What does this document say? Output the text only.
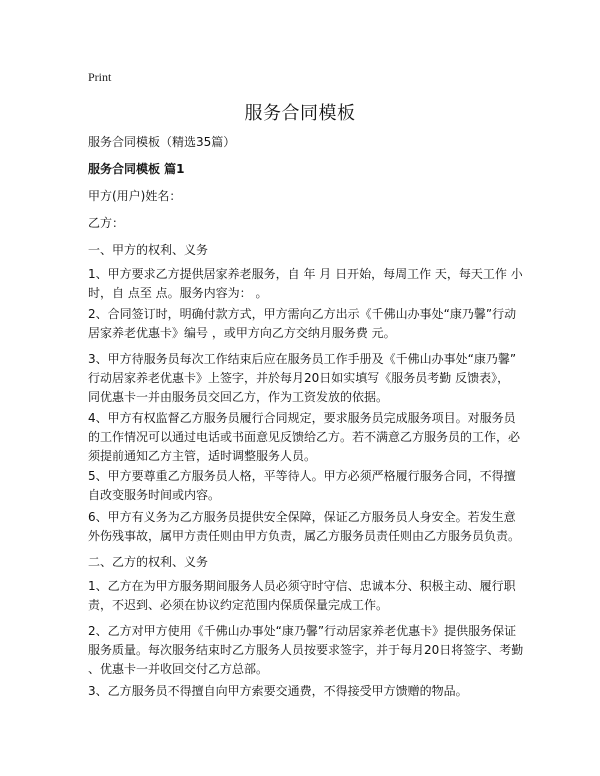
Print
服务合同模板
服务合同模板（精选35篇）
服务合同模板 篇1
甲方(用户)姓名：
乙方：
一、甲方的权利、义务
1、甲方要求乙方提供居家养老服务，自 年 月 日开始，每周工作 天，每天工作 小
时，自 点至 点。服务内容为： 。
2、合同签订时，明确付款方式，甲方需向乙方出示《千佛山办事处“康乃馨”行动
居家养老优惠卡》编号 ，或甲方向乙方交纳月服务费 元。
3、甲方待服务员每次工作结束后应在服务员工作手册及《千佛山办事处“康乃馨”
行动居家养老优惠卡》上签字，并於每月20日如实填写《服务员考勤 反馈表》，
同优惠卡一并由服务员交回乙方，作为工资发放的依据。
4、甲方有权监督乙方服务员履行合同规定，要求服务员完成服务项目。对服务员
的工作情况可以通过电话或书面意见反馈给乙方。若不满意乙方服务员的工作，必
须提前通知乙方主管，适时调整服务人员。
5、甲方要尊重乙方服务员人格，平等待人。甲方必须严格履行服务合同，不得擅
自改变服务时间或内容。
6、甲方有义务为乙方服务员提供安全保障，保证乙方服务员人身安全。若发生意
外伤残事故，属甲方责任则由甲方负责，属乙方服务员责任则由乙方服务员负责。
二、乙方的权利、义务
1、乙方在为甲方服务期间服务人员必须守时守信、忠诚本分、积极主动、履行职
责，不迟到、必须在协议约定范围内保质保量完成工作。
2、乙方对甲方使用《千佛山办事处“康乃馨”行动居家养老优惠卡》提供服务保证
服务质量。每次服务结束时乙方服务人员按要求签字，并于每月20日将签字、考勤
、优惠卡一并收回交付乙方总部。
3、乙方服务员不得擅自向甲方索要交通费，不得接受甲方馈赠的物品。
